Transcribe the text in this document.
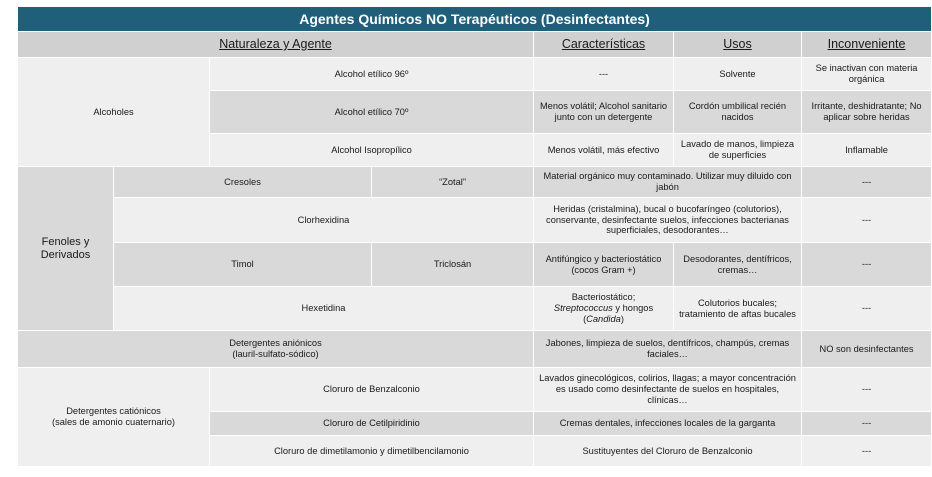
Agentes Químicos NO Terapéuticos (Desinfectantes)						
Naturaleza y Agente				Características	Usos	Inconveniente
Alcoholes		Alcohol etílico 96º		---	Solvente	Se inactivan con materia orgánica
		Alcohol etílico 70º		Menos volátil; Alcohol sanitario junto con un detergente	Cordón umbilical recién nacidos	Irritante, deshidratante; No aplicar sobre heridas
		Alcohol Isopropílico		Menos volátil, más efectivo	Lavado de manos, limpieza de superficies	Inflamable
Fenoles y Derivados	Cresoles		“Zotal”	Material orgánico muy contaminado. Utilizar muy diluido con jabón		---
	Clorhexidina			Heridas (cristalmina), bucal o bucofaríngeo (colutorios), conservante, desinfectante suelos, infecciones bacterianas superficiales, desodorantes…		---
	Timol		Triclosán	Antifúngico y bacteriostático (cocos Gram +)	Desodorantes, dentífricos, cremas…	---
	Hexetidina			Bacteriostático;
Streptococcus y hongos
(Candida)	Colutorios bucales; tratamiento de aftas bucales	---
Detergentes aniónicos
(lauril-sulfato-sódico)				Jabones, limpieza de suelos, dentífricos, champús, cremas faciales…		NO son desinfectantes
Detergentes catiónicos
(sales de amonio cuaternario)		Cloruro de Benzalconio		Lavados ginecológicos, colirios, llagas; a mayor concentración es usado como desinfectante de suelos en hospitales, clínicas…		---
		Cloruro de Cetilpiridinio		Cremas dentales, infecciones locales de la garganta		---
		Cloruro de dimetilamonio y dimetilbencilamonio		Sustituyentes del Cloruro de Benzalconio		---
